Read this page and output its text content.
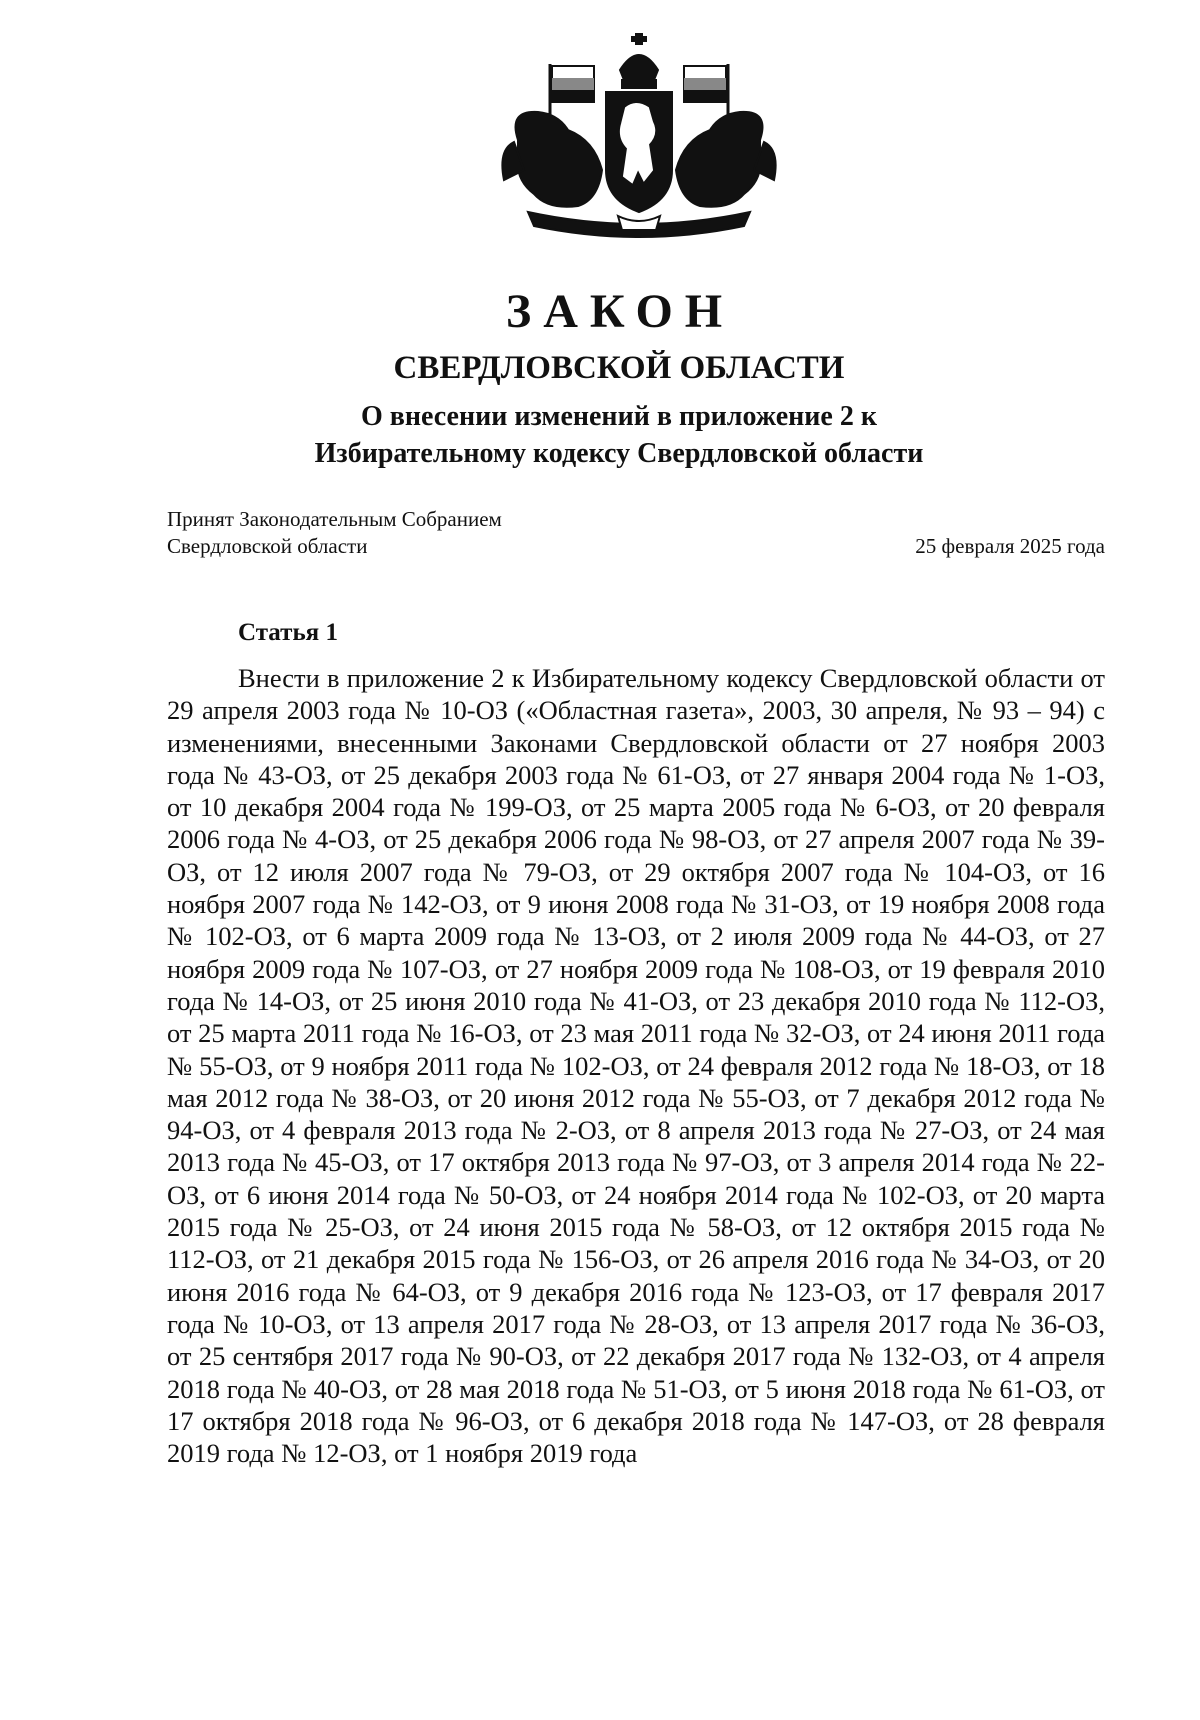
ЗАКОН
СВЕРДЛОВСКОЙ ОБЛАСТИ
О внесении изменений в приложение 2 к
Избирательному кодексу Свердловской области
Принят Законодательным Собранием
Свердловской области	25 февраля 2025 года
Статья 1

Внести в приложение 2 к Избирательному кодексу Свердловской области от 29 апреля 2003 года № 10-ОЗ («Областная газета», 2003, 30 апреля, № 93 – 94) с изменениями, внесенными Законами Свердловской области от 27 ноября 2003 года № 43-ОЗ, от 25 декабря 2003 года № 61-ОЗ, от 27 января 2004 года № 1-ОЗ, от 10 декабря 2004 года № 199-ОЗ, от 25 марта 2005 года № 6-ОЗ, от 20 февраля 2006 года № 4-ОЗ, от 25 декабря 2006 года № 98-ОЗ, от 27 апреля 2007 года № 39-ОЗ, от 12 июля 2007 года № 79-ОЗ, от 29 октября 2007 года № 104-ОЗ, от 16 ноября 2007 года № 142-ОЗ, от 9 июня 2008 года № 31-ОЗ, от 19 ноября 2008 года № 102-ОЗ, от 6 марта 2009 года № 13-ОЗ, от 2 июля 2009 года № 44-ОЗ, от 27 ноября 2009 года № 107-ОЗ, от 27 ноября 2009 года № 108-ОЗ, от 19 февраля 2010 года № 14-ОЗ, от 25 июня 2010 года № 41-ОЗ, от 23 декабря 2010 года № 112-ОЗ, от 25 марта 2011 года № 16-ОЗ, от 23 мая 2011 года № 32-ОЗ, от 24 июня 2011 года № 55-ОЗ, от 9 ноября 2011 года № 102-ОЗ, от 24 февраля 2012 года № 18-ОЗ, от 18 мая 2012 года № 38-ОЗ, от 20 июня 2012 года № 55-ОЗ, от 7 декабря 2012 года № 94-ОЗ, от 4 февраля 2013 года № 2-ОЗ, от 8 апреля 2013 года № 27-ОЗ, от 24 мая 2013 года № 45-ОЗ, от 17 октября 2013 года № 97-ОЗ, от 3 апреля 2014 года № 22-ОЗ, от 6 июня 2014 года № 50-ОЗ, от 24 ноября 2014 года № 102-ОЗ, от 20 марта 2015 года № 25-ОЗ, от 24 июня 2015 года № 58-ОЗ, от 12 октября 2015 года № 112-ОЗ, от 21 декабря 2015 года № 156-ОЗ, от 26 апреля 2016 года № 34-ОЗ, от 20 июня 2016 года № 64-ОЗ, от 9 декабря 2016 года № 123-ОЗ, от 17 февраля 2017 года № 10-ОЗ, от 13 апреля 2017 года № 28-ОЗ, от 13 апреля 2017 года № 36-ОЗ, от 25 сентября 2017 года № 90-ОЗ, от 22 декабря 2017 года № 132-ОЗ, от 4 апреля 2018 года № 40-ОЗ, от 28 мая 2018 года № 51-ОЗ, от 5 июня 2018 года № 61-ОЗ, от 17 октября 2018 года № 96-ОЗ, от 6 декабря 2018 года № 147-ОЗ, от 28 февраля 2019 года № 12-ОЗ, от 1 ноября 2019 года
